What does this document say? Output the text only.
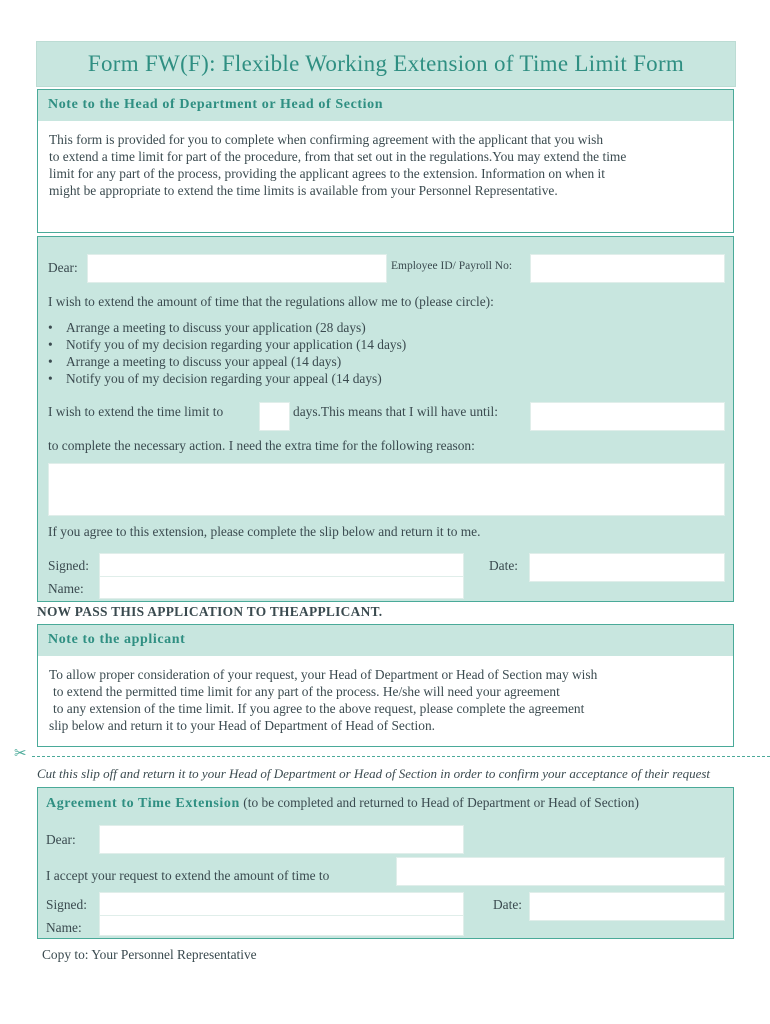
Form FW(F): Flexible Working Extension of Time Limit Form
Note to the Head of Department or Head of Section
This form is provided for you to complete when confirming agreement with the applicant that you wish
to extend a time limit for part of the procedure, from that set out in the regulations.You may extend the time
limit for any part of the process, providing the applicant agrees to the extension. Information on when it
might be appropriate to extend the time limits is available from your Personnel Representative.
Dear:	Employee ID/ Payroll No:
I wish to extend the amount of time that the regulations allow me to (please circle):
• Arrange a meeting to discuss your application (28 days)
• Notify you of my decision regarding your application (14 days)
• Arrange a meeting to discuss your appeal (14 days)
• Notify you of my decision regarding your appeal (14 days)
I wish to extend the time limit to	days.This means that I will have until:
to complete the necessary action. I need the extra time for the following reason:
If you agree to this extension, please complete the slip below and return it to me.
Signed:	Date:
Name:
NOW PASS THIS APPLICATION TO THEAPPLICANT.
Note to the applicant
To allow proper consideration of your request, your Head of Department or Head of Section may wish
to extend the permitted time limit for any part of the process. He/she will need your agreement
to any extension of the time limit. If you agree to the above request, please complete the agreement
slip below and return it to your Head of Department of Head of Section.
✂
Cut this slip off and return it to your Head of Department or Head of Section in order to confirm your acceptance of their request
Agreement to Time Extension (to be completed and returned to Head of Department or Head of Section)
Dear:
I accept your request to extend the amount of time to
Signed:	Date:
Name:
Copy to: Your Personnel Representative
